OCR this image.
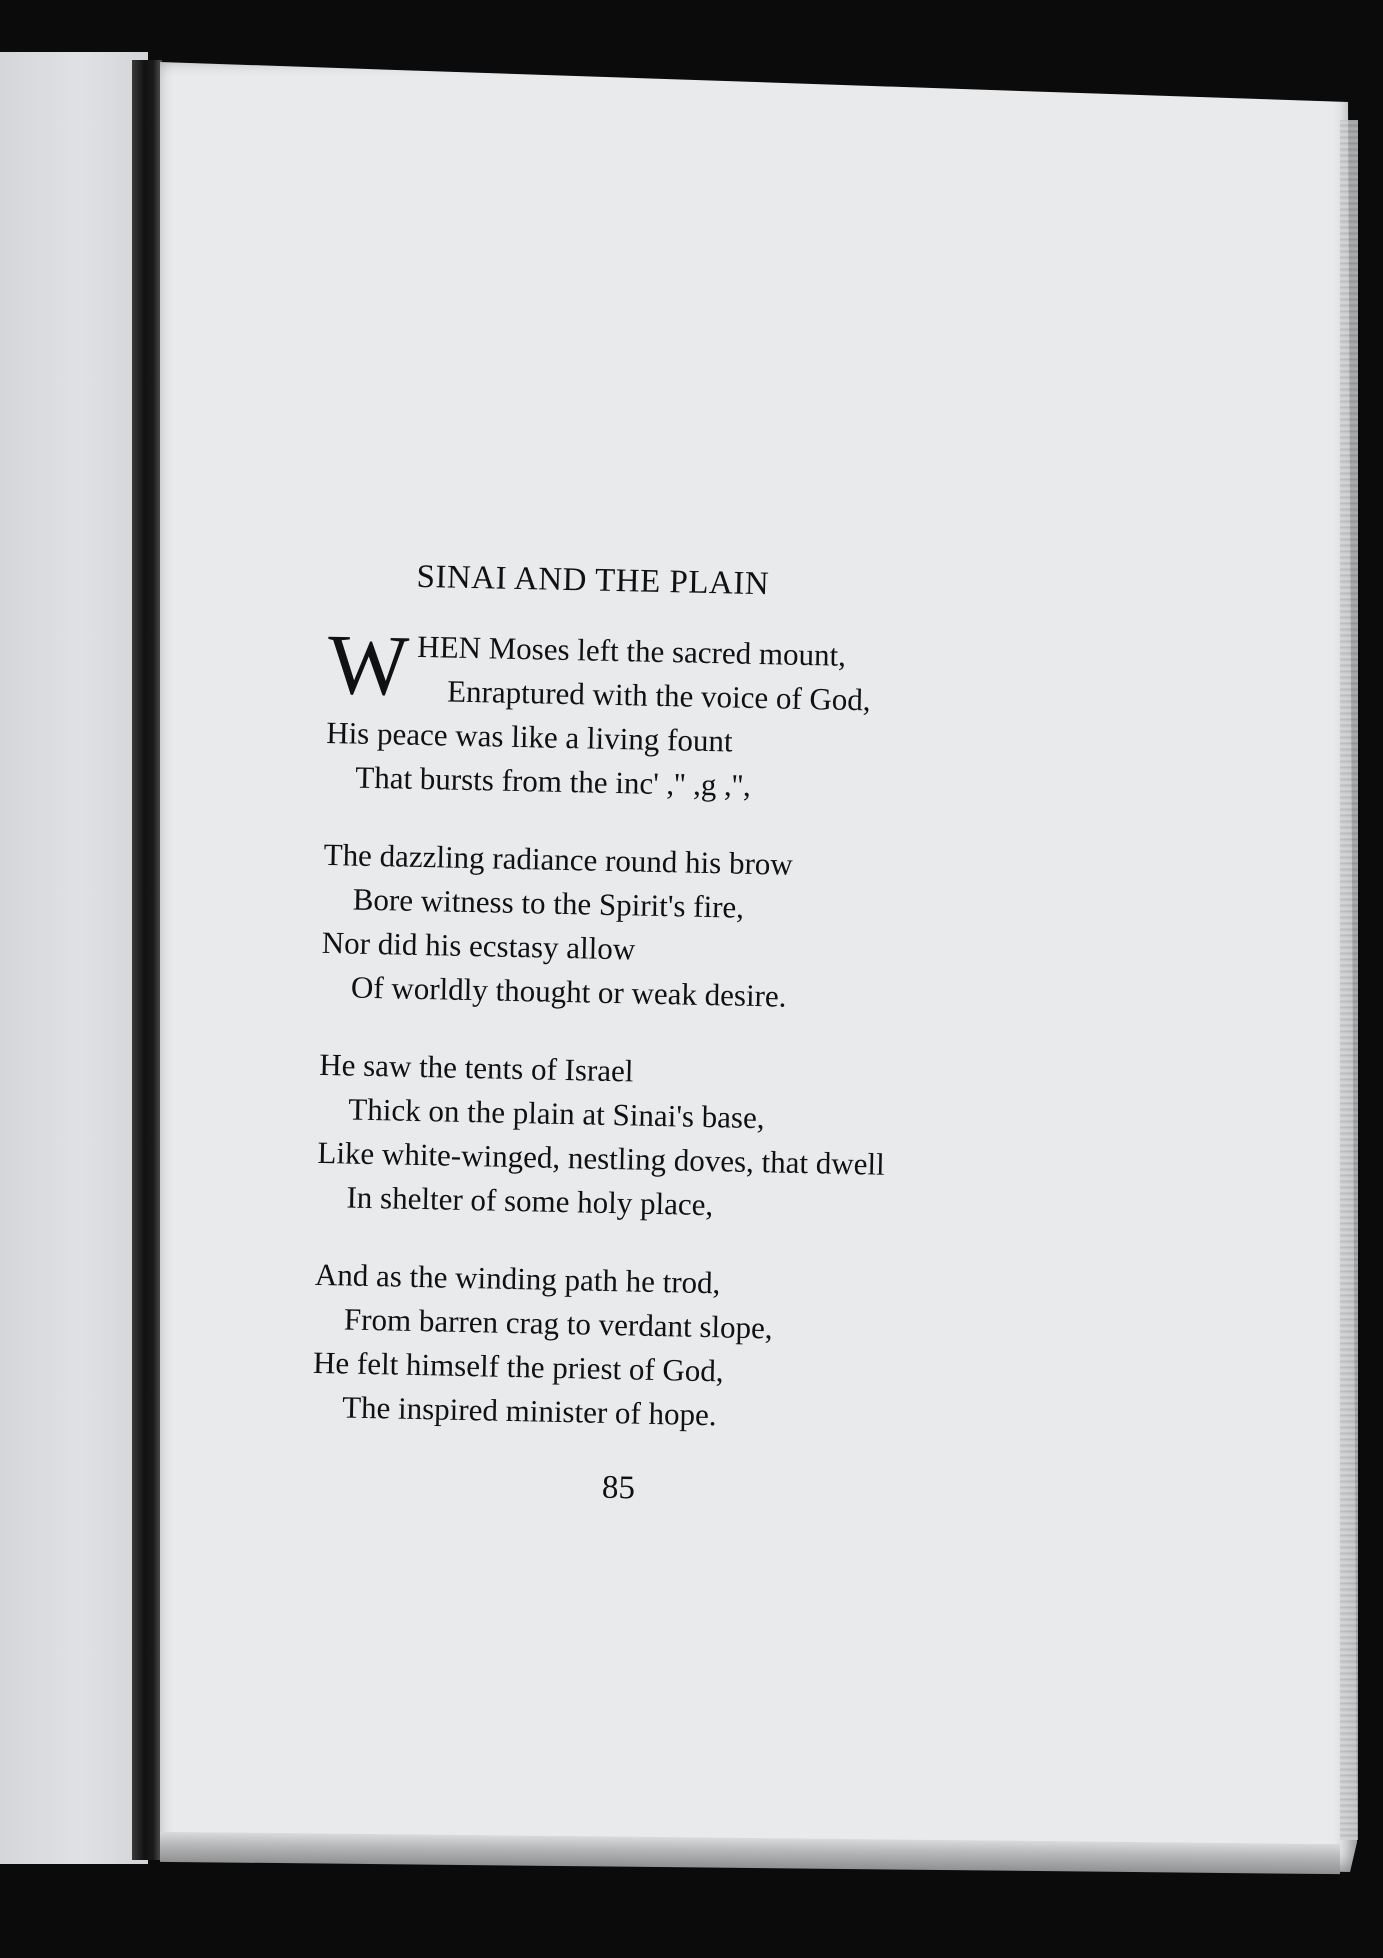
SINAI AND THE PLAIN
W HEN Moses left the sacred mount,
Enraptured with the voice of God,
His peace was like a living fount
That bursts from the inc' ,'' ,g ,'',
The dazzling radiance round his brow
Bore witness to the Spirit's fire,
Nor did his ecstasy allow
Of worldly thought or weak desire.
He saw the tents of Israel
Thick on the plain at Sinai's base,
Like white-winged, nestling doves, that dwell
In shelter of some holy place,
And as the winding path he trod,
From barren crag to verdant slope,
He felt himself the priest of God,
The inspired minister of hope.
85
